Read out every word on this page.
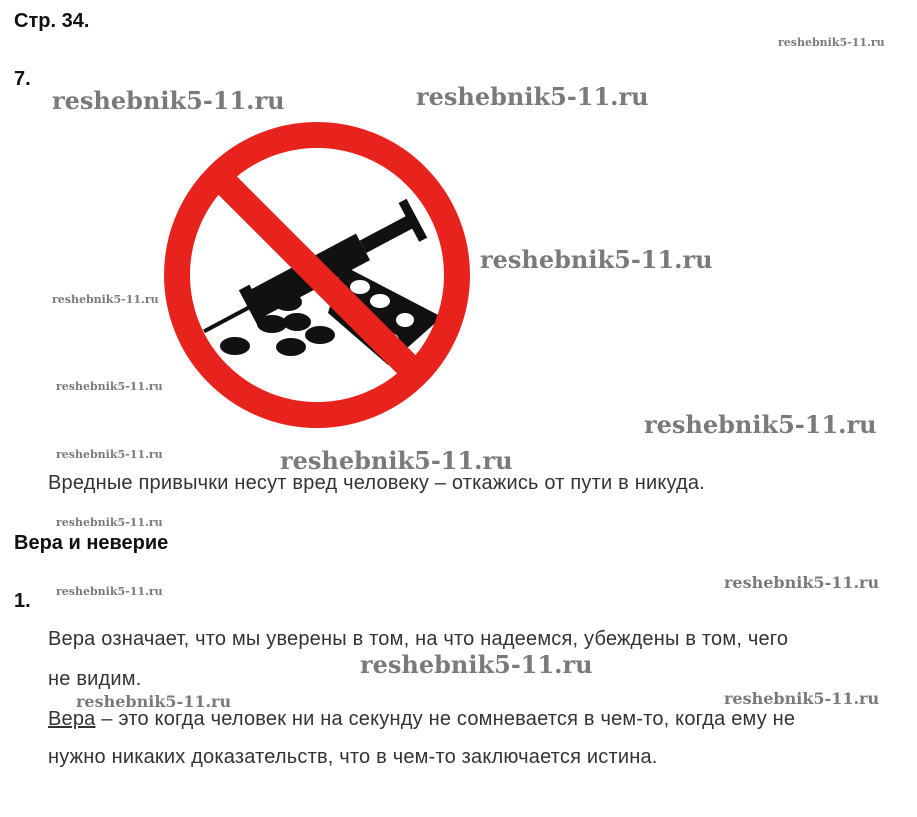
Стр. 34.
reshebnik5-11.ru
reshebnik5-11.ru	reshebnik5-11.ru
reshebnik5-11.ru
reshebnik5-11.ru
reshebnik5-11.ru
reshebnik5-11.ru
reshebnik5-11.ru	reshebnik5-11.ru
reshebnik5-11.ru
reshebnik5-11.ru	reshebnik5-11.ru
reshebnik5-11.ru
reshebnik5-11.ru	reshebnik5-11.ru
7.
Вредные привычки несут вред человеку – откажись от пути в никуда.
Вера и неверие
1.
Вера означает, что мы уверены в том, на что надеемся, убеждены в том, чего
не видим.
Вера – это когда человек ни на секунду не сомневается в чем-то, когда ему не
нужно никаких доказательств, что в чем-то заключается истина.
